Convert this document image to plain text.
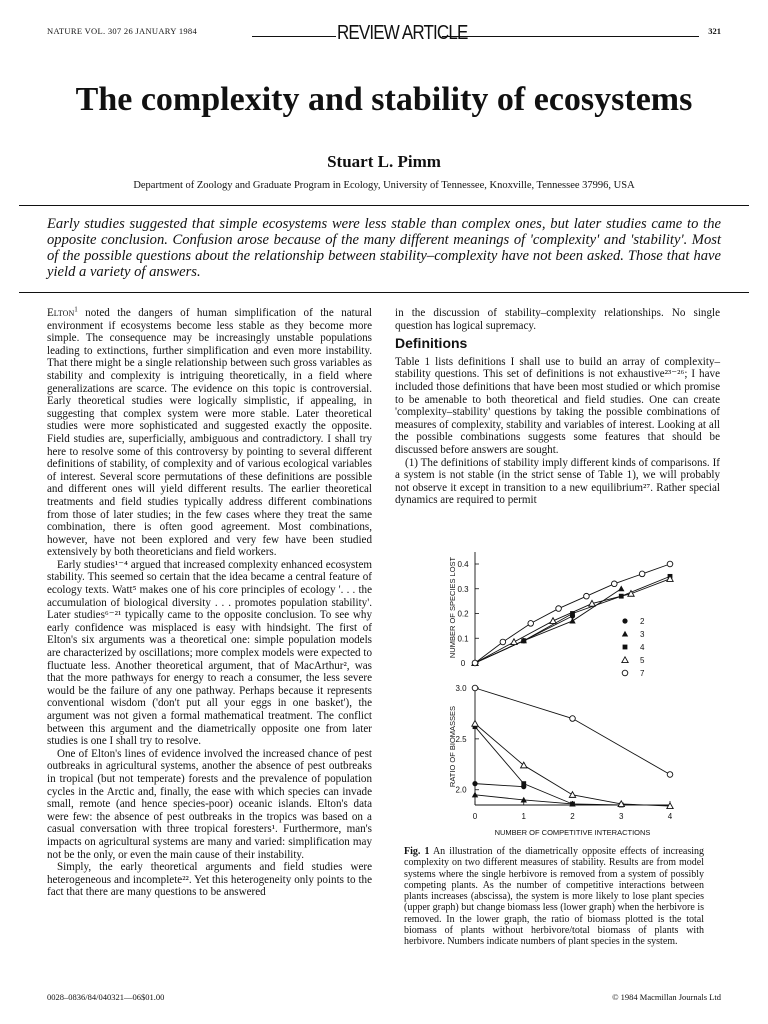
NATURE VOL. 307 26 JANUARY 1984	REVIEW ARTICLE	321
The complexity and stability of ecosystems
Stuart L. Pimm
Department of Zoology and Graduate Program in Ecology, University of Tennessee, Knoxville, Tennessee 37996, USA
Early studies suggested that simple ecosystems were less stable than complex ones, but later studies came to the opposite conclusion. Confusion arose because of the many different meanings of 'complexity' and 'stability'. Most of the possible questions about the relationship between stability–complexity have not been asked. Those that have yield a variety of answers.

Elton$^1$ noted the dangers of human simplification of the natural environment if ecosystems become less stable as they become more simple. The consequence may be increasingly unstable populations leading to extinctions, further simplification and even more instability. That there might be a single relationship between such gross variables as stability and complexity is intriguing theoretically, in a field where generalizations are scarce. The evidence on this topic is controversial. Early theoretical studies were logically simplistic, if appealing, in suggesting that complex system were more stable. Later theoretical studies were more sophisticated and suggested exactly the opposite. Field studies are, superficially, ambiguous and contradictory. I shall try here to resolve some of this controversy by pointing to several different definitions of stability, of complexity and of various ecological variables of interest. Several score permutations of these definitions are possible and different ones will yield different results. The earlier theoretical treatments and field studies typically address different combinations from those of later studies; in the few cases where they treat the same combination, there is often good agreement. Most combinations, however, have not been explored and very few have been studied extensively by both theoreticians and field workers.

Early studies¹⁻⁴ argued that increased complexity enhanced ecosystem stability. This seemed so certain that the idea became a central feature of ecology texts. Watt⁵ makes one of his core principles of ecology '. . . the accumulation of biological diversity . . . promotes population stability'. Later studies⁶⁻²¹ typically came to the opposite conclusion. To see why early confidence was misplaced is easy with hindsight. The first of Elton's six arguments was a theoretical one: simple population models are characterized by oscillations; more complex models were expected to fluctuate less. Another theoretical argument, that of MacArthur², was that the more pathways for energy to reach a consumer, the less severe would be the failure of any one pathway. Perhaps because it represents conventional wisdom ('don't put all your eggs in one basket'), the argument was not given a formal mathematical treatment. The conflict between this argument and the diametrically opposite one from later studies is one I shall try to resolve.

One of Elton's lines of evidence involved the increased chance of pest outbreaks in agricultural systems, another the absence of pest outbreaks in tropical (but not temperate) forests and the prevalence of population cycles in the Arctic and, finally, the ease with which species can invade small, remote (and hence species-poor) oceanic islands. Elton's data were few: the absence of pest outbreaks in the tropics was based on a casual conversation with three tropical foresters¹. Furthermore, man's impacts on agricultural systems are many and varied: simplification may not be the only, or even the main cause of their instability.

Simply, the early theoretical arguments and field studies were heterogeneous and incomplete²². Yet this heterogeneity only points to the fact that there are many questions to be answered

in the discussion of stability–complexity relationships. No single question has logical supremacy.

Definitions

Table 1 lists definitions I shall use to build an array of complexity–stability questions. This set of definitions is not exhaustive²³⁻²⁶; I have included those definitions that have been most studied or which promise to be amenable to both theoretical and field studies. One can create 'complexity–stability' questions by taking the possible combinations of measures of complexity, stability and variables of interest. Looking at all the possible combinations suggests some features that should be discussed before answers are sought.

(1) The definitions of stability imply different kinds of comparisons. If a system is not stable (in the strict sense of Table 1), we will probably not observe it except in transition to a new equilibrium²⁷. Rather special dynamics are required to permit

0
0.1
0.2
0.3
0.4
NUMBER OF SPECIES LOST	2
3
4
5
7
2.0
2.5
3.0
0	1	2	3	4
RATIO OF BIOMASSES
NUMBER OF COMPETITIVE INTERACTIONS
Fig. 1 An illustration of the diametrically opposite effects of increasing complexity on two different measures of stability. Results are from model systems where the single herbivore is removed from a system of possibly competing plants. As the number of competitive interactions between plants increases (abscissa), the system is more likely to lose plant species (upper graph) but change biomass less (lower graph) when the herbivore is removed. In the lower graph, the ratio of biomass plotted is the total biomass of plants without herbivore/total biomass of plants with herbivore. Numbers indicate numbers of plant species in the system.
0028–0836/84/040321—06$01.00	© 1984 Macmillan Journals Ltd
